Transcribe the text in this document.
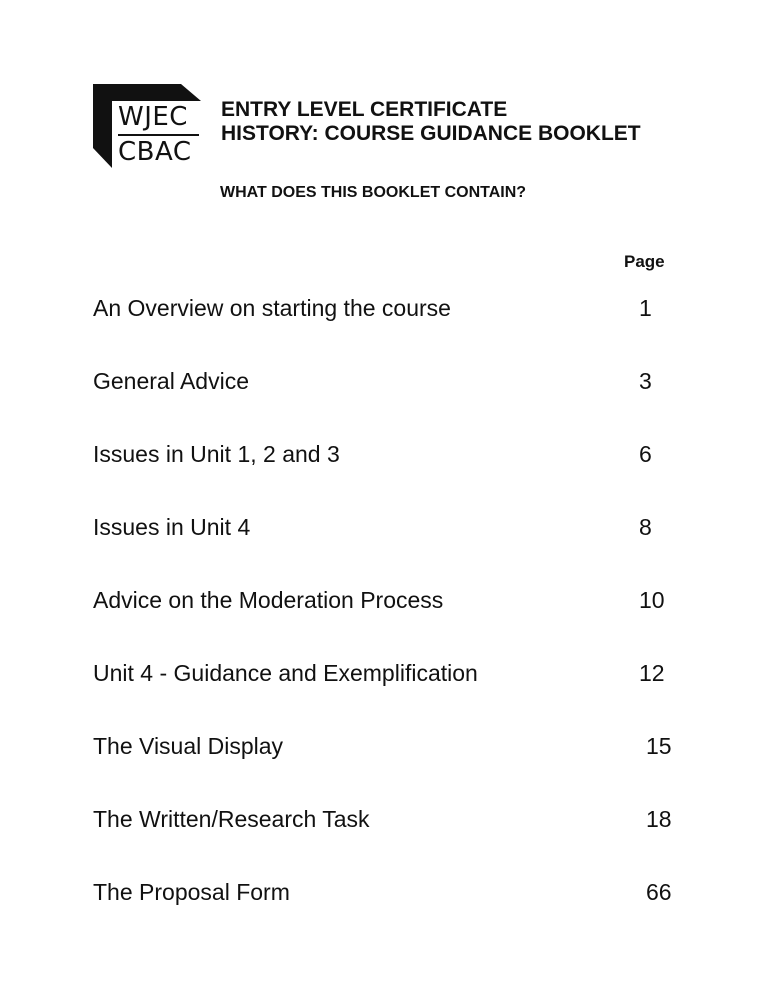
WJEC
CBAC
ENTRY LEVEL CERTIFICATE
HISTORY: COURSE GUIDANCE BOOKLET
WHAT DOES THIS BOOKLET CONTAIN?
Page
An Overview on starting the course	1
General Advice	3
Issues in Unit 1, 2 and 3	6
Issues in Unit 4	8
Advice on the Moderation Process	10
Unit 4 - Guidance and Exemplification	12
The Visual Display	15
The Written/Research Task	18
The Proposal Form	66
